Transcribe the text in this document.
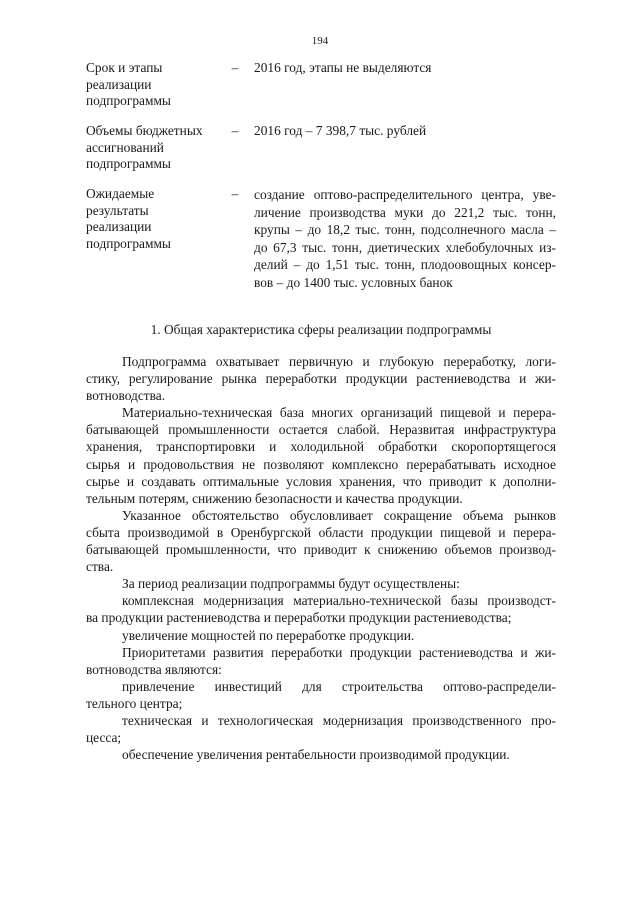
194
Срок и этапы
реализации
подпрограммы
– 2016 год, этапы не выделяются
Объемы бюджетных
ассигнований
подпрограммы
– 2016 год – 7 398,7 тыс. рублей
Ожидаемые
результаты
реализации
подпрограммы
– создание оптово-распределительного центра, уве-
личение производства муки до 221,2 тыс. тонн,
крупы – до 18,2 тыс. тонн, подсолнечного масла –
до 67,3 тыс. тонн, диетических хлебобулочных из-
делий – до 1,51 тыс. тонн, плодоовощных консер-
вов – до 1400 тыс. условных банок
1. Общая характеристика сферы реализации подпрограммы
Подпрограмма охватывает первичную и глубокую переработку, логи-
стику, регулирование рынка переработки продукции растениеводства и жи-
вотноводства.
Материально-техническая база многих организаций пищевой и перера-
батывающей промышленности остается слабой. Неразвитая инфраструктура
хранения, транспортировки и холодильной обработки скоропортящегося
сырья и продовольствия не позволяют комплексно перерабатывать исходное
сырье и создавать оптимальные условия хранения, что приводит к дополни-
тельным потерям, снижению безопасности и качества продукции.
Указанное обстоятельство обусловливает сокращение объема рынков
сбыта производимой в Оренбургской области продукции пищевой и перера-
батывающей промышленности, что приводит к снижению объемов производ-
ства.
За период реализации подпрограммы будут осуществлены:
комплексная модернизация материально-технической базы производст-
ва продукции растениеводства и переработки продукции растениеводства;
увеличение мощностей по переработке продукции.
Приоритетами развития переработки продукции растениеводства и жи-
вотноводства являются:
привлечение инвестиций для строительства оптово-распредели-
тельного центра;
техническая и технологическая модернизация производственного про-
цесса;
обеспечение увеличения рентабельности производимой продукции.
